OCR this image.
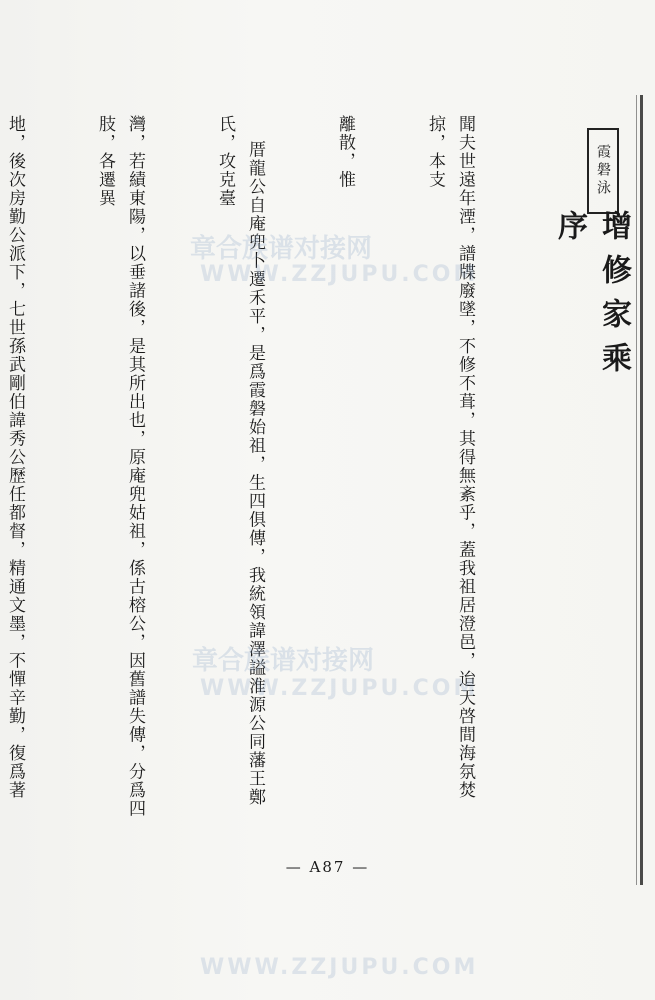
霞磐泳
增修家乘序

聞夫世遠年湮，譜牒廢墜，不修不葺，其得無紊乎，蓋我祖居澄邑，迨天啓間海氛焚掠，本支

離散，惟

　 厝龍公自庵兜卜遷禾平，是爲霞磐始祖，生四俱傳，我統領諱澤謚淮源公同藩王鄭氏，攻克臺

灣，若績東陽，以垂諸後，是其所出也，原庵兜姑祖，係古榕公，因舊譜失傳，分爲四肢，各遷異

地，後次房勤公派下，七世孫武剛伯諱秀公歷任都督，精通文墨，不憚辛勤，復爲著

— A87 —
章合族谱对接网
WWW.ZZJUPU.COM
章合族谱对接网
WWW.ZZJUPU.COM
WWW.ZZJUPU.COM
